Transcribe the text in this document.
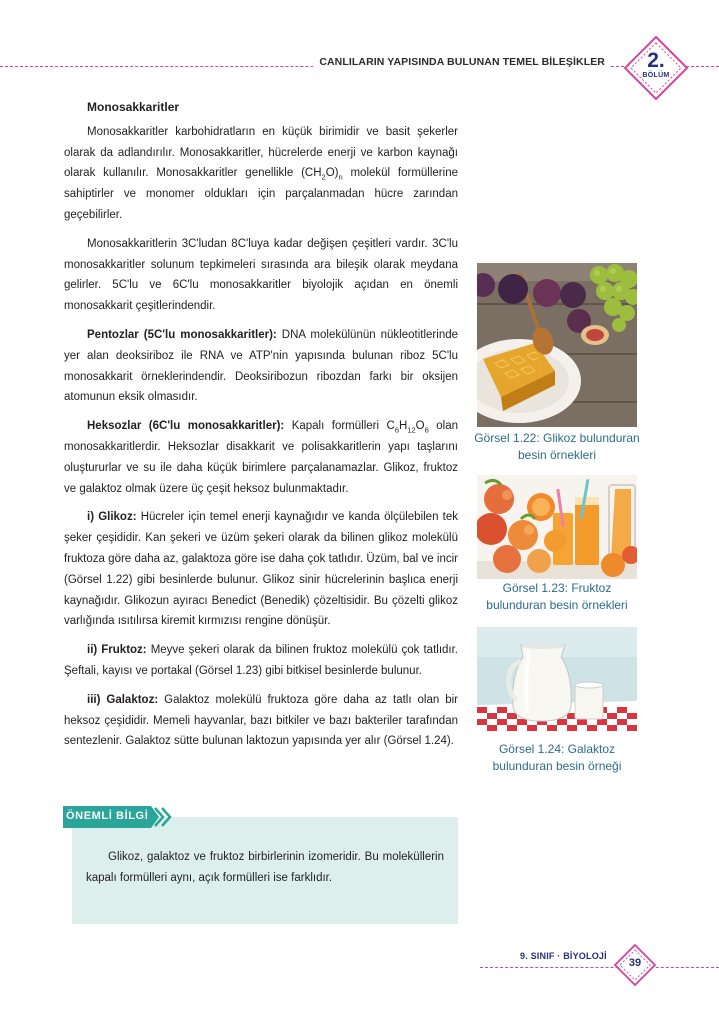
CANLILARIN YAPISINDA BULUNAN TEMEL BİLEŞİKLER	2.
BÖLÜM
Monosakkaritler

Monosakkaritler karbohidratların en küçük birimidir ve basit şekerler olarak da adlandırılır. Monosakkaritler, hücrelerde enerji ve karbon kaynağı olarak kullanılır. Monosakkaritler genellikle $(CH_2O)_n$ molekül formüllerine sahiptirler ve monomer oldukları için parçalanmadan hücre zarından geçebilirler.

Monosakkaritlerin 3C'ludan 8C'luya kadar değişen çeşitleri vardır. 3C'lu monosakkaritler solunum tepkimeleri sırasında ara bileşik olarak meydana gelirler. 5C'lu ve 6C'lu monosakkaritler biyolojik açıdan en önemli monosakkarit çeşitlerindendir.

Pentozlar (5C'lu monosakkaritler): DNA molekülünün nükleotitlerinde yer alan deoksiriboz ile RNA ve ATP'nin yapısında bulunan riboz 5C'lu monosakkarit örneklerindendir. Deoksiribozun ribozdan farkı bir oksijen atomunun eksik olmasıdır.

Heksozlar (6C'lu monosakkaritler): Kapalı formülleri $C_6H_{12}O_6$ olan monosakkaritlerdir. Heksozlar disakkarit ve polisakkaritlerin yapı taşlarını oluştururlar ve su ile daha küçük birimlere parçalanamazlar. Glikoz, fruktoz ve galaktoz olmak üzere üç çeşit heksoz bulunmaktadır.

i) Glikoz: Hücreler için temel enerji kaynağıdır ve kanda ölçülebilen tek şeker çeşididir. Kan şekeri ve üzüm şekeri olarak da bilinen glikoz molekülü fruktoza göre daha az, galaktoza göre ise daha çok tatlıdır. Üzüm, bal ve incir (Görsel 1.22) gibi besinlerde bulunur. Glikoz sinir hücrelerinin başlıca enerji kaynağıdır. Glikozun ayıracı Benedict (Benedik) çözeltisidir. Bu çözelti glikoz varlığında ısıtılırsa kiremit kırmızısı rengine dönüşür.

ii) Fruktoz: Meyve şekeri olarak da bilinen fruktoz molekülü çok tatlıdır. Şeftali, kayısı ve portakal (Görsel 1.23) gibi bitkisel besinlerde bulunur.

iii) Galaktoz: Galaktoz molekülü fruktoza göre daha az tatlı olan bir heksoz çeşididir. Memeli hayvanlar, bazı bitkiler ve bazı bakteriler tarafından sentezlenir. Galaktoz sütte bulunan laktozun yapısında yer alır (Görsel 1.24).

Görsel 1.22: Glikoz bulunduran besin örnekleri
Görsel 1.23: Fruktoz bulunduran besin örnekleri
Görsel 1.24: Galaktoz bulunduran besin örneği

Glikoz, galaktoz ve fruktoz birbirlerinin izomeridir. Bu moleküllerin kapalı formülleri aynı, açık formülleri ise farklıdır.

ÖNEMLİ BİLGİ
9. SINIF · BİYOLOJİ
39
